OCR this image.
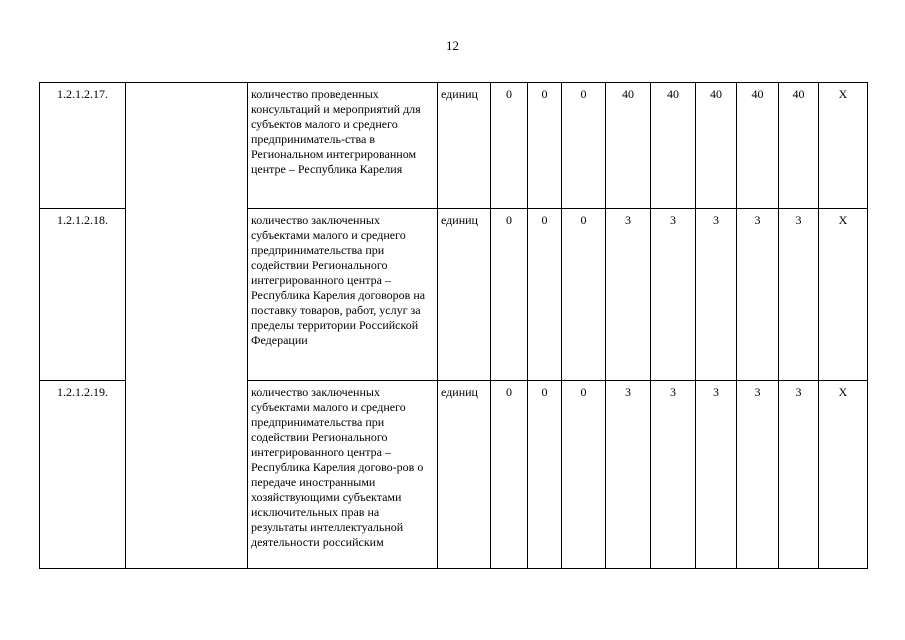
12
1.2.1.2.17.		количество проведенных консультаций и мероприятий для субъектов малого и среднего предприниматель-ства в Региональном интегрированном центре – Республика Карелия	единиц	0	0	0	40	40	40	40	40	Х
1.2.1.2.18.		количество заключенных субъектами малого и среднего предпринимательства при содействии Регионального интегрированного центра – Республика Карелия договоров на поставку товаров, работ, услуг за пределы территории Российской Федерации	единиц	0	0	0	3	3	3	3	3	Х
1.2.1.2.19.		количество заключенных субъектами малого и среднего предпринимательства при содействии Регионального интегрированного центра – Республика Карелия догово-ров о передаче иностранными хозяйствующими субъектами исключительных прав на результаты интеллектуальной деятельности российским	единиц	0	0	0	3	3	3	3	3	Х
